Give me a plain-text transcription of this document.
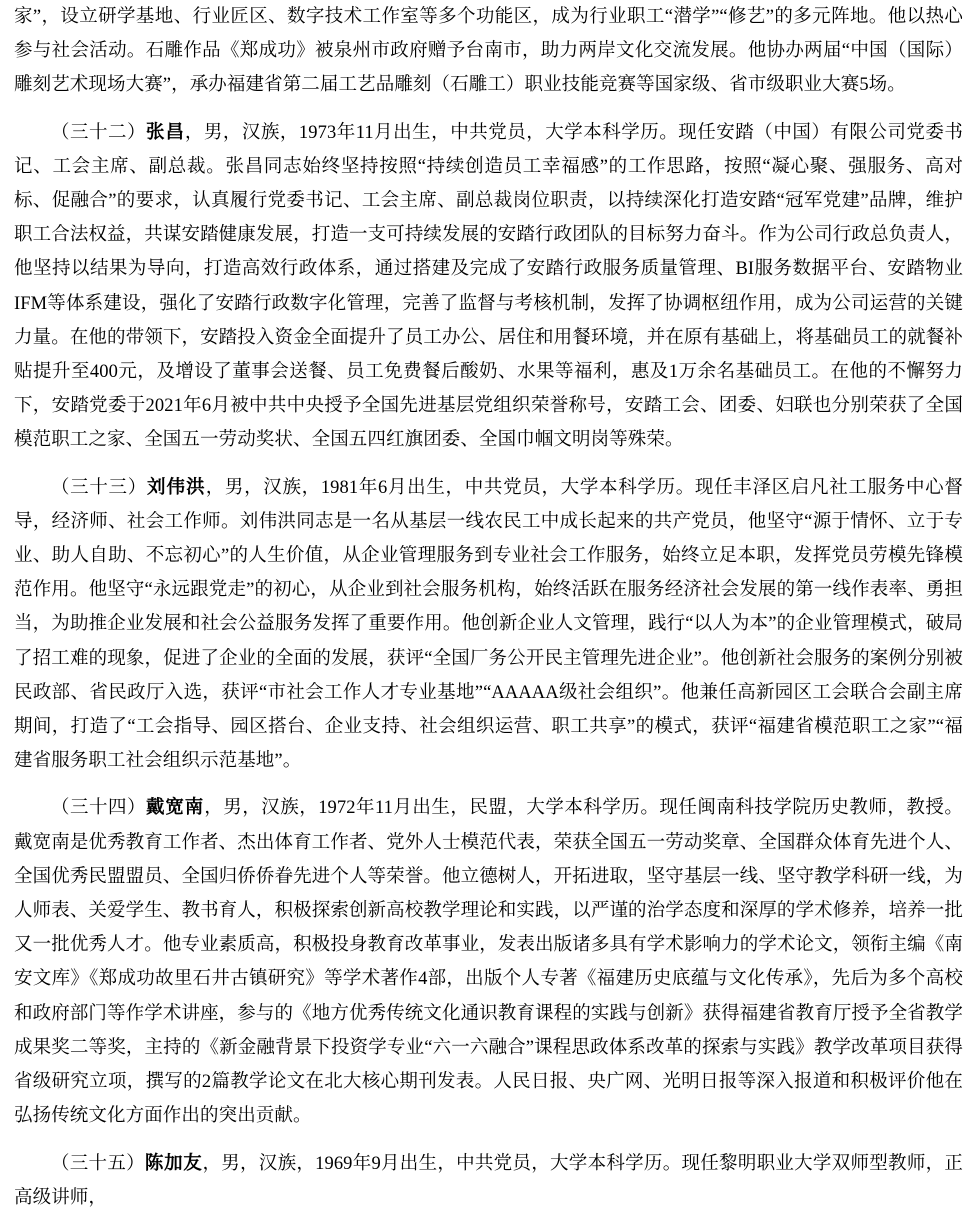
家”，设立研学基地、行业匠区、数字技术工作室等多个功能区，成为行业职工“潜学”“修艺”的多元阵地。他以热心参与社会活动。石雕作品《郑成功》被泉州市政府赠予台南市，助力两岸文化交流发展。他协办两届“中国（国际）雕刻艺术现场大赛”，承办福建省第二届工艺品雕刻（石雕工）职业技能竞赛等国家级、省市级职业大赛5场。

（三十二）张昌，男，汉族，1973年11月出生，中共党员，大学本科学历。现任安踏（中国）有限公司党委书记、工会主席、副总裁。张昌同志始终坚持按照“持续创造员工幸福感”的工作思路，按照“凝心聚、强服务、高对标、促融合”的要求，认真履行党委书记、工会主席、副总裁岗位职责，以持续深化打造安踏“冠军党建”品牌，维护职工合法权益，共谋安踏健康发展，打造一支可持续发展的安踏行政团队的目标努力奋斗。作为公司行政总负责人，他坚持以结果为导向，打造高效行政体系，通过搭建及完成了安踏行政服务质量管理、BI服务数据平台、安踏物业IFM等体系建设，强化了安踏行政数字化管理，完善了监督与考核机制，发挥了协调枢纽作用，成为公司运营的关键力量。在他的带领下，安踏投入资金全面提升了员工办公、居住和用餐环境，并在原有基础上，将基础员工的就餐补贴提升至400元，及增设了董事会送餐、员工免费餐后酸奶、水果等福利，惠及1万余名基础员工。在他的不懈努力下，安踏党委于2021年6月被中共中央授予全国先进基层党组织荣誉称号，安踏工会、团委、妇联也分别荣获了全国模范职工之家、全国五一劳动奖状、全国五四红旗团委、全国巾帼文明岗等殊荣。

（三十三）刘伟洪，男，汉族，1981年6月出生，中共党员，大学本科学历。现任丰泽区启凡社工服务中心督导，经济师、社会工作师。刘伟洪同志是一名从基层一线农民工中成长起来的共产党员，他坚守“源于情怀、立于专业、助人自助、不忘初心”的人生价值，从企业管理服务到专业社会工作服务，始终立足本职，发挥党员劳模先锋模范作用。他坚守“永远跟党走”的初心，从企业到社会服务机构，始终活跃在服务经济社会发展的第一线作表率、勇担当，为助推企业发展和社会公益服务发挥了重要作用。他创新企业人文管理，践行“以人为本”的企业管理模式，破局了招工难的现象，促进了企业的全面的发展，获评“全国厂务公开民主管理先进企业”。他创新社会服务的案例分别被民政部、省民政厅入选，获评“市社会工作人才专业基地”“AAAAA级社会组织”。他兼任高新园区工会联合会副主席期间，打造了“工会指导、园区搭台、企业支持、社会组织运营、职工共享”的模式，获评“福建省模范职工之家”“福建省服务职工社会组织示范基地”。

（三十四）戴宽南，男，汉族，1972年11月出生，民盟，大学本科学历。现任闽南科技学院历史教师，教授。戴宽南是优秀教育工作者、杰出体育工作者、党外人士模范代表，荣获全国五一劳动奖章、全国群众体育先进个人、全国优秀民盟盟员、全国归侨侨眷先进个人等荣誉。他立德树人，开拓进取，坚守基层一线、坚守教学科研一线，为人师表、关爱学生、教书育人，积极探索创新高校教学理论和实践，以严谨的治学态度和深厚的学术修养，培养一批又一批优秀人才。他专业素质高，积极投身教育改革事业，发表出版诸多具有学术影响力的学术论文，领衔主编《南安文库》《郑成功故里石井古镇研究》等学术著作4部，出版个人专著《福建历史底蕴与文化传承》，先后为多个高校和政府部门等作学术讲座，参与的《地方优秀传统文化通识教育课程的实践与创新》获得福建省教育厅授予全省教学成果奖二等奖，主持的《新金融背景下投资学专业“六一六融合”课程思政体系改革的探索与实践》教学改革项目获得省级研究立项，撰写的2篇教学论文在北大核心期刊发表。人民日报、央广网、光明日报等深入报道和积极评价他在弘扬传统文化方面作出的突出贡献。

（三十五）陈加友，男，汉族，1969年9月出生，中共党员，大学本科学历。现任黎明职业大学双师型教师，正高级讲师，
